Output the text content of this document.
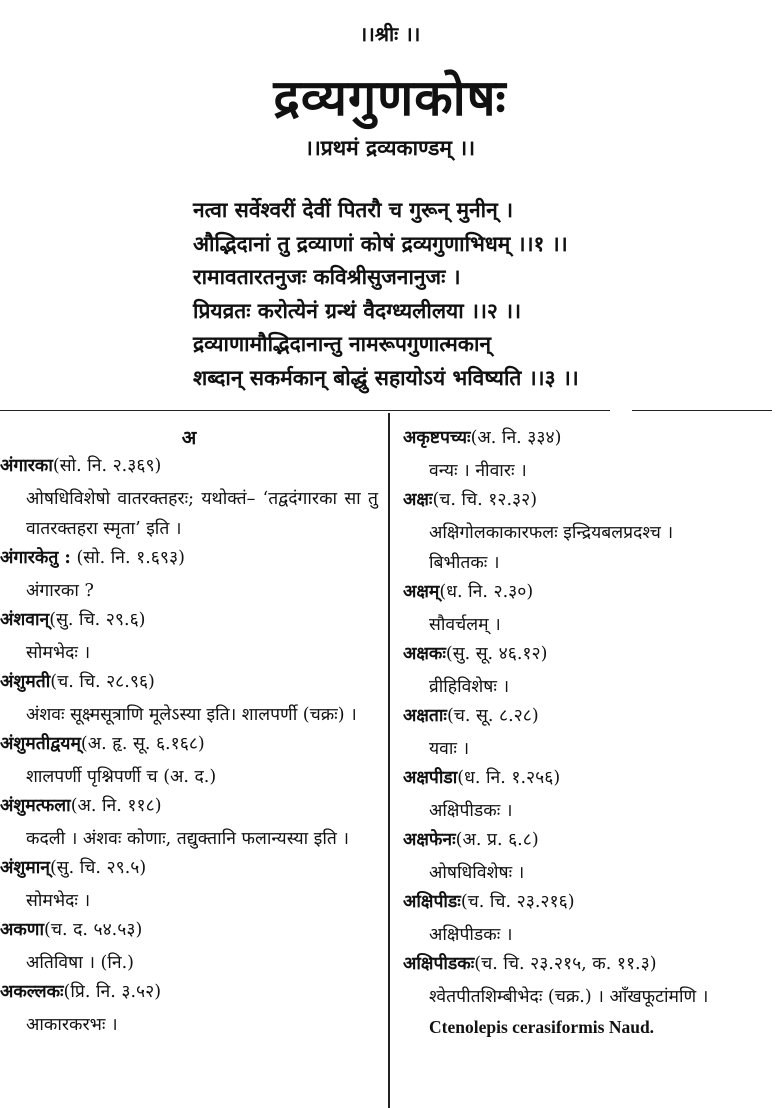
।।श्रीः ।।
द्रव्यगुणकोषः
।।प्रथमं द्रव्यकाण्डम् ।।
नत्वा सर्वेश्वरीं देवीं पितरौ च गुरून् मुनीन् ।
औद्भिदानां तु द्रव्याणां कोषं द्रव्यगुणाभिधम् ।।१ ।।
रामावतारतनुजः कविश्रीसुजनानुजः ।
प्रियव्रतः करोत्येनं ग्रन्थं वैदग्ध्यलीलया ।।२ ।।
द्रव्याणामौद्भिदानान्तु नामरूपगुणात्मकान्
शब्दान् सकर्मकान् बोद्धुं सहायोऽयं भविष्यति ।।३ ।।
अ
अंगारका(सो. नि. २.३६९)
ओषधिविशेषो वातरक्तहरः; यथोक्तं– ‘तद्वदंगारका सा तु वातरक्तहरा स्मृता’ इति ।
अंगारकेतु : (सो. नि. १.६९३)
अंगारका ?
अंशवान्(सु. चि. २९.६)
सोमभेदः ।
अंशुमती(च. चि. २८.९६)
अंशवः सूक्ष्मसूत्राणि मूलेऽस्या इति। शालपर्णी (चक्रः) ।
अंशुमतीद्वयम्(अ. हृ. सू. ६.१६८)
शालपर्णी पृश्निपर्णी च (अ. द.)
अंशुमत्फला(अ. नि. ११८)
कदली । अंशवः कोणाः, तद्युक्तानि फलान्यस्या इति ।
अंशुमान्(सु. चि. २९.५)
सोमभेदः ।
अकणा(च. द. ५४.५३)
अतिविषा । (नि.)
अकल्लकः(प्रि. नि. ३.५२)
आकारकरभः ।
अकृष्टपच्यः(अ. नि. ३३४)
वन्यः । नीवारः ।
अक्षः(च. चि. १२.३२)
अक्षिगोलकाकारफलः इन्द्रियबलप्रदश्च ।
बिभीतकः ।
अक्षम्(ध. नि. २.३०)
सौवर्चलम् ।
अक्षकः(सु. सू. ४६.१२)
व्रीहिविशेषः ।
अक्षताः(च. सू. ८.२८)
यवाः ।
अक्षपीडा(ध. नि. १.२५६)
अक्षिपीडकः ।
अक्षफेनः(अ. प्र. ६.८)
ओषधिविशेषः ।
अक्षिपीडः(च. चि. २३.२१६)
अक्षिपीडकः ।
अक्षिपीडकः(च. चि. २३.२१५, क. ११.३)
श्वेतपीतशिम्बीभेदः (चक्र.) । आँखफूटांमणि ।
Ctenolepis cerasiformis Naud.
